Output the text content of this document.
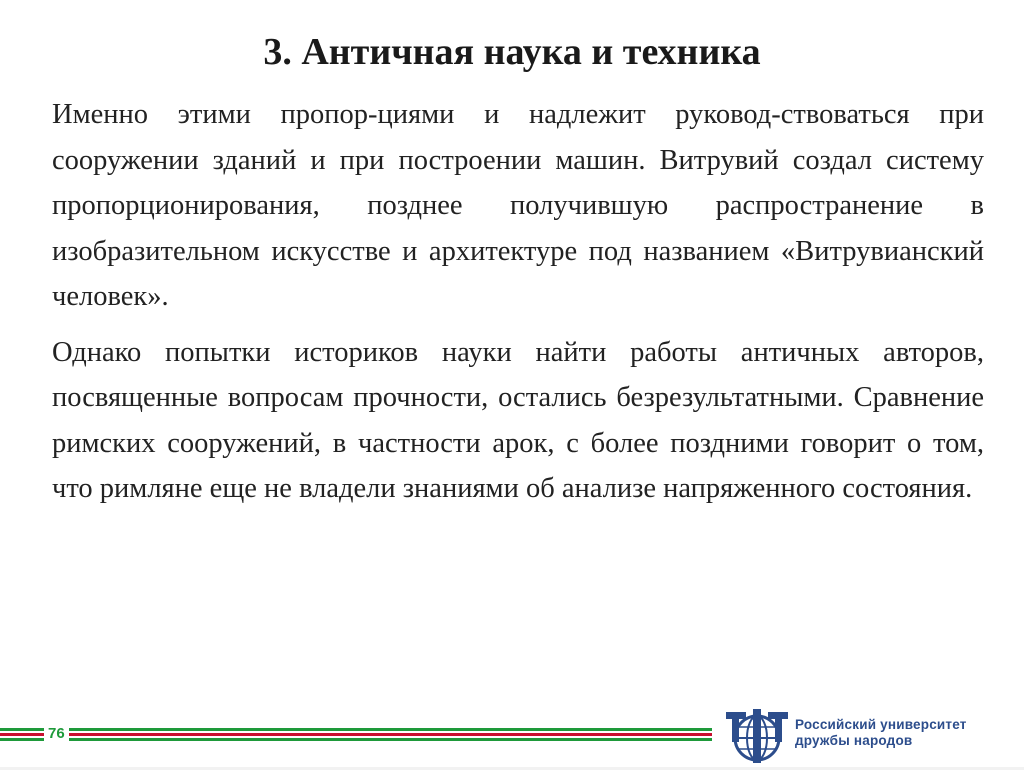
3. Античная наука и техника

Именно этими пропор-циями и надлежит руковод-ствоваться при сооружении зданий и при построении машин. Витрувий создал систему пропорционирования, позднее получившую распространение в изобразительном искусстве и архитектуре под названием «Витрувианский человек».

Однако попытки историков науки найти работы античных авторов, посвященные вопросам прочности, остались безрезультатными. Сравнение римских сооружений, в частности арок, с более поздними говорит о том, что римляне еще не владели знаниями об анализе напряженного состояния.

76
Российский университет
дружбы народов
